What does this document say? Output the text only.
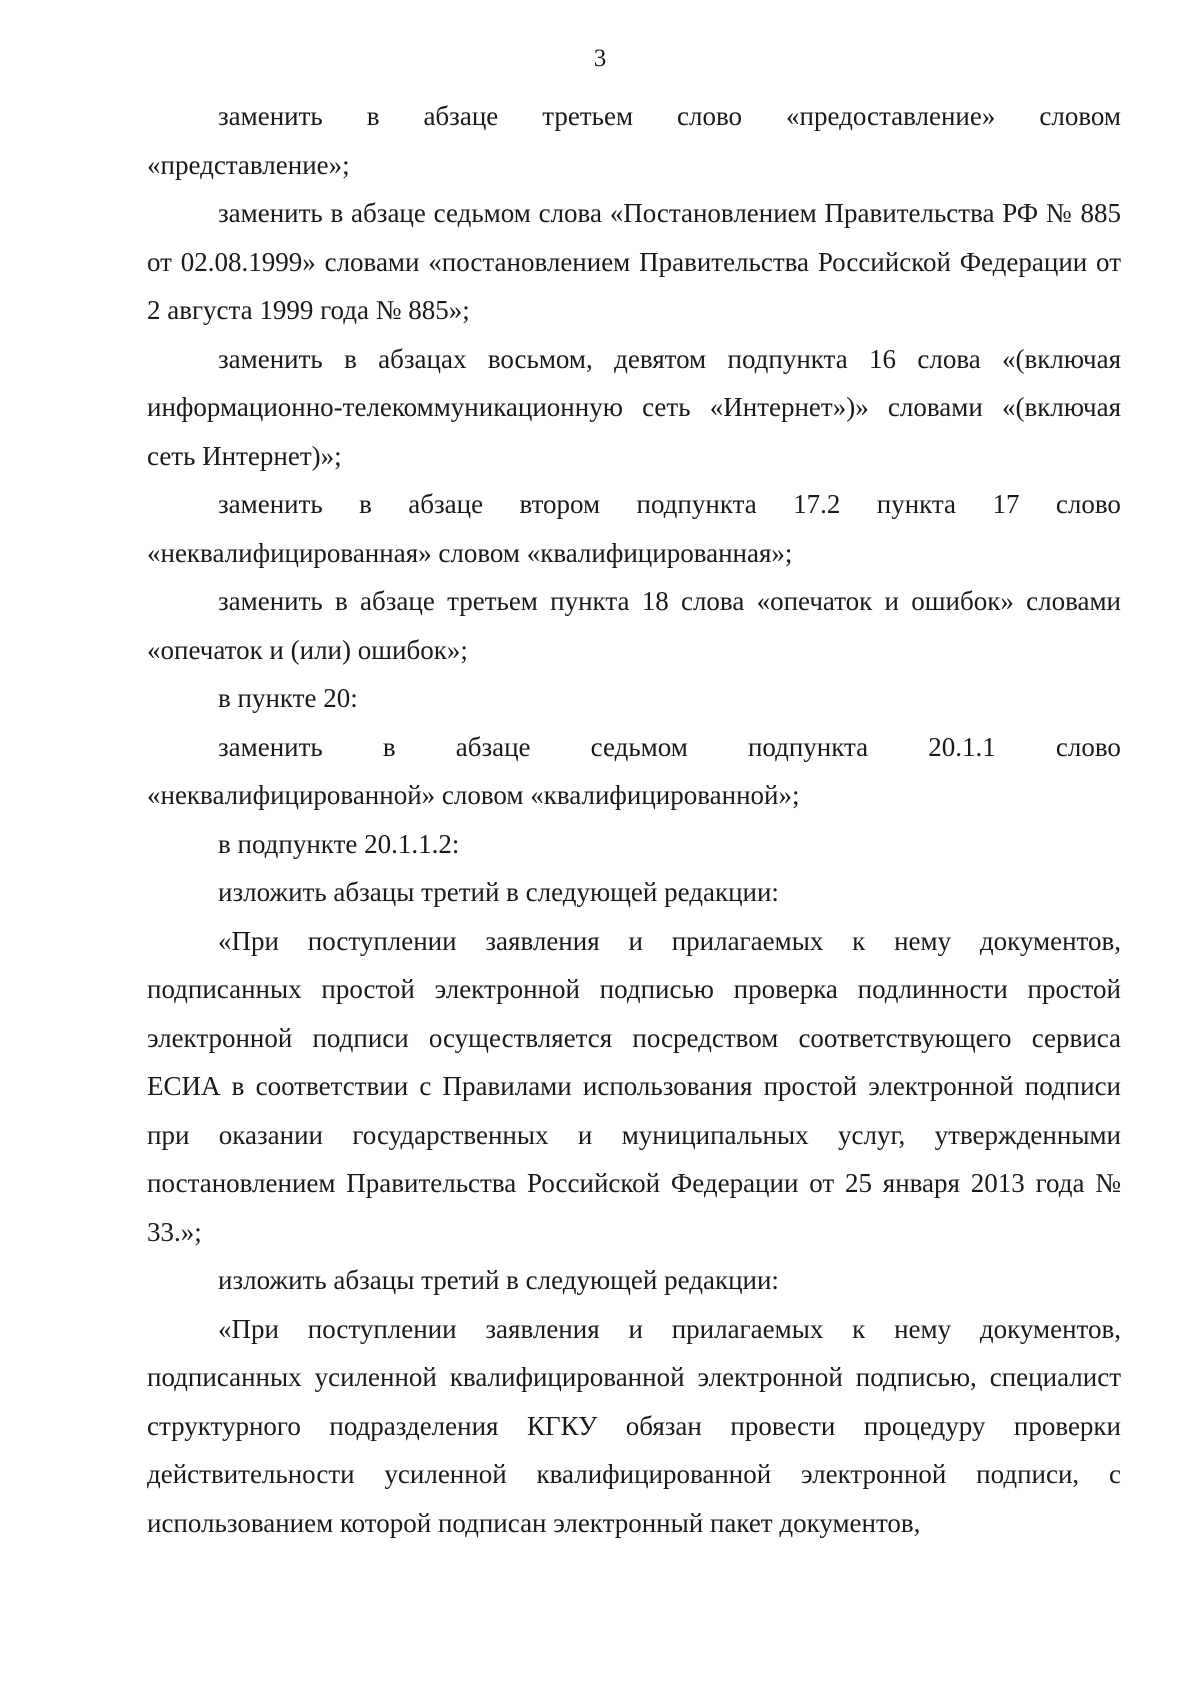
3
заменить в абзаце третьем слово «предоставление» словом
«представление»;

заменить в абзаце седьмом слова «Постановлением Правительства РФ № 885 от 02.08.1999» словами «постановлением Правительства Российской Федерации от 2 августа 1999 года № 885»;

заменить в абзацах восьмом, девятом подпункта 16 слова «(включая информационно-телекоммуникационную сеть «Интернет»)» словами «(включая сеть Интернет)»;

заменить в абзаце втором подпункта 17.2 пункта 17 слово
«неквалифицированная» словом «квалифицированная»;

заменить в абзаце третьем пункта 18 слова «опечаток и ошибок» словами «опечаток и (или) ошибок»;

в пункте 20:

заменить в абзаце седьмом подпункта 20.1.1 слово
«неквалифицированной» словом «квалифицированной»;

в подпункте 20.1.1.2:

изложить абзацы третий в следующей редакции:

«При поступлении заявления и прилагаемых к нему документов, подписанных простой электронной подписью проверка подлинности простой электронной подписи осуществляется посредством соответствующего сервиса ЕСИА в соответствии с Правилами использования простой электронной подписи при оказании государственных и муниципальных услуг, утвержденными постановлением Правительства Российской Федерации от 25 января 2013 года № 33.»;

изложить абзацы третий в следующей редакции:

«При поступлении заявления и прилагаемых к нему документов, подписанных усиленной квалифицированной электронной подписью, специалист структурного подразделения КГКУ обязан провести процедуру проверки действительности усиленной квалифицированной электронной подписи, с использованием которой подписан электронный пакет документов,
